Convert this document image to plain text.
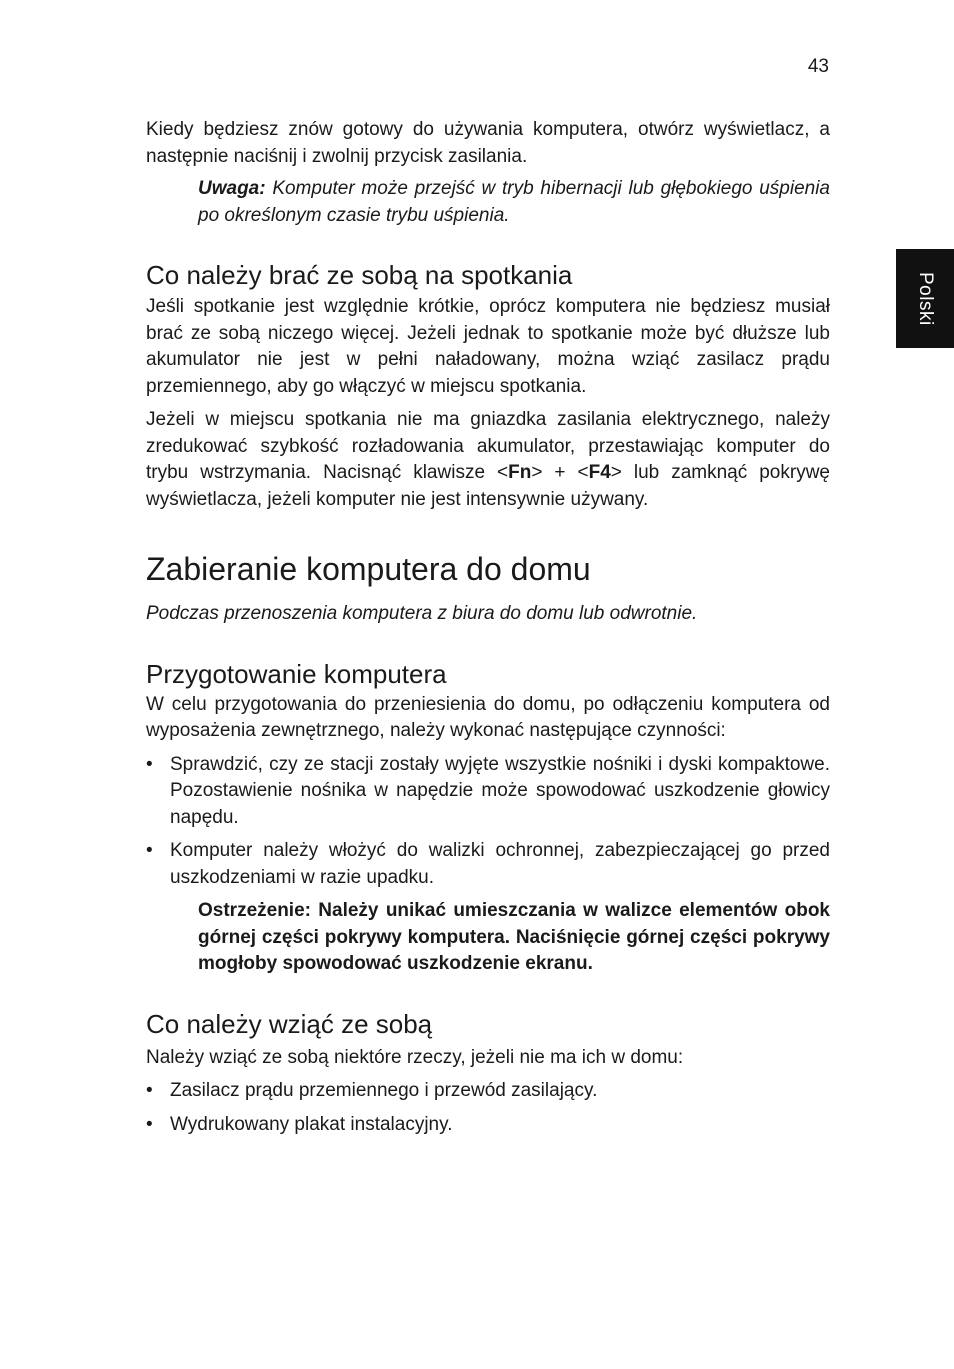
43
Polski

Kiedy będziesz znów gotowy do używania komputera, otwórz wyświetlacz, a następnie naciśnij i zwolnij przycisk zasilania.

Uwaga: Komputer może przejść w tryb hibernacji lub głębokiego uśpienia po określonym czasie trybu uśpienia.

Co należy brać ze sobą na spotkania

Jeśli spotkanie jest względnie krótkie, oprócz komputera nie będziesz musiał brać ze sobą niczego więcej. Jeżeli jednak to spotkanie może być dłuższe lub akumulator nie jest w pełni naładowany, można wziąć zasilacz prądu przemiennego, aby go włączyć w miejscu spotkania.

Jeżeli w miejscu spotkania nie ma gniazdka zasilania elektrycznego, należy zredukować szybkość rozładowania akumulator, przestawiając komputer do trybu wstrzymania. Nacisnąć klawisze <Fn> + <F4> lub zamknąć pokrywę wyświetlacza, jeżeli komputer nie jest intensywnie używany.

Zabieranie komputera do domu

Podczas przenoszenia komputera z biura do domu lub odwrotnie.

Przygotowanie komputera

W celu przygotowania do przeniesienia do domu, po odłączeniu komputera od wyposażenia zewnętrznego, należy wykonać następujące czynności:

• Sprawdzić, czy ze stacji zostały wyjęte wszystkie nośniki i dyski kompaktowe. Pozostawienie nośnika w napędzie może spowodować uszkodzenie głowicy napędu.
• Komputer należy włożyć do walizki ochronnej, zabezpieczającej go przed uszkodzeniami w razie upadku.

Ostrzeżenie: Należy unikać umieszczania w walizce elementów obok górnej części pokrywy komputera. Naciśnięcie górnej części pokrywy mogłoby spowodować uszkodzenie ekranu.

Co należy wziąć ze sobą

Należy wziąć ze sobą niektóre rzeczy, jeżeli nie ma ich w domu:

• Zasilacz prądu przemiennego i przewód zasilający.
• Wydrukowany plakat instalacyjny.
